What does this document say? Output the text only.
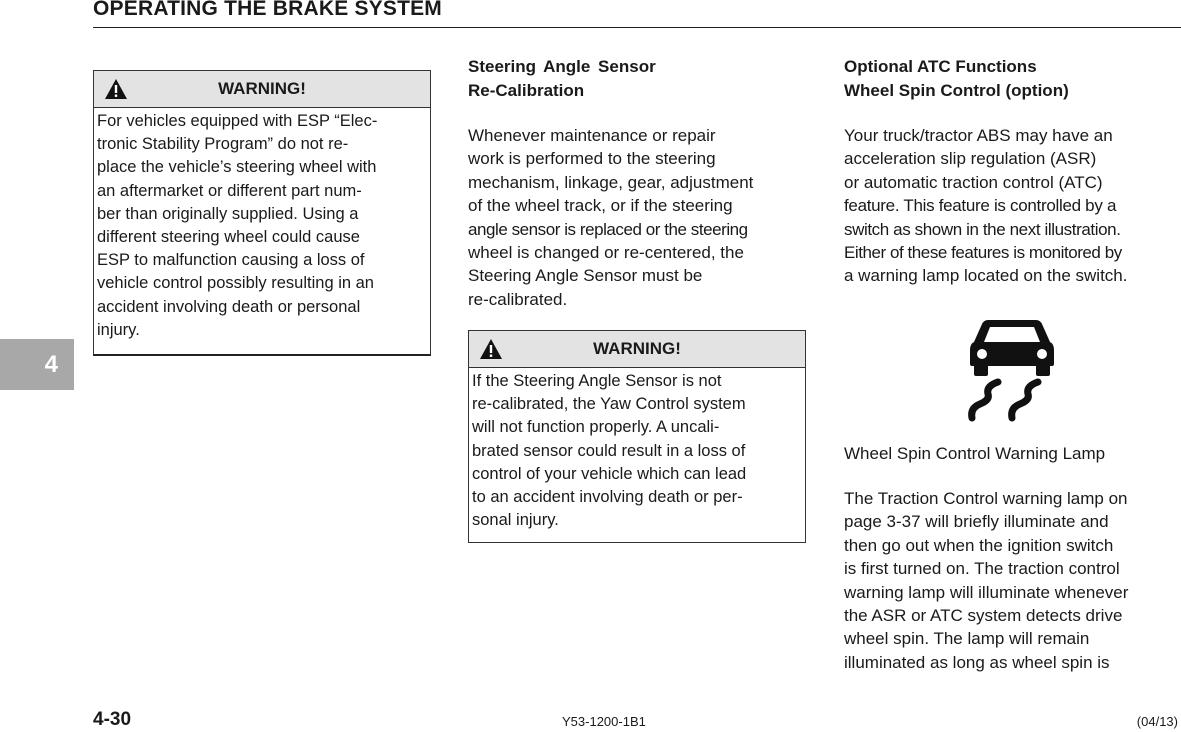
OPERATING THE BRAKE SYSTEM
4
WARNING!
For vehicles equipped with ESP “Elec-
tronic Stability Program” do not re-
place the vehicle’s steering wheel with
an aftermarket or different part num-
ber than originally supplied. Using a
different steering wheel could cause
ESP to malfunction causing a loss of
vehicle control possibly resulting in an
accident involving death or personal
injury.
Steering Angle Sensor
Re-Calibration
Whenever maintenance or repair
work is performed to the steering
mechanism, linkage, gear, adjustment
of the wheel track, or if the steering
angle sensor is replaced or the steering
wheel is changed or re-centered, the
Steering Angle Sensor must be
re-calibrated.
WARNING!
If the Steering Angle Sensor is not
re-calibrated, the Yaw Control system
will not function properly. A uncali-
brated sensor could result in a loss of
control of your vehicle which can lead
to an accident involving death or per-
sonal injury.
Optional ATC Functions
Wheel Spin Control (option)
Your truck/tractor ABS may have an
acceleration slip regulation (ASR)
or automatic traction control (ATC)
feature. This feature is controlled by a
switch as shown in the next illustration.
Either of these features is monitored by
a warning lamp located on the switch.
Wheel Spin Control Warning Lamp
The Traction Control warning lamp on
page 3-37 will briefly illuminate and
then go out when the ignition switch
is first turned on. The traction control
warning lamp will illuminate whenever
the ASR or ATC system detects drive
wheel spin. The lamp will remain
illuminated as long as wheel spin is
4-30	Y53-1200-1B1	(04/13)
